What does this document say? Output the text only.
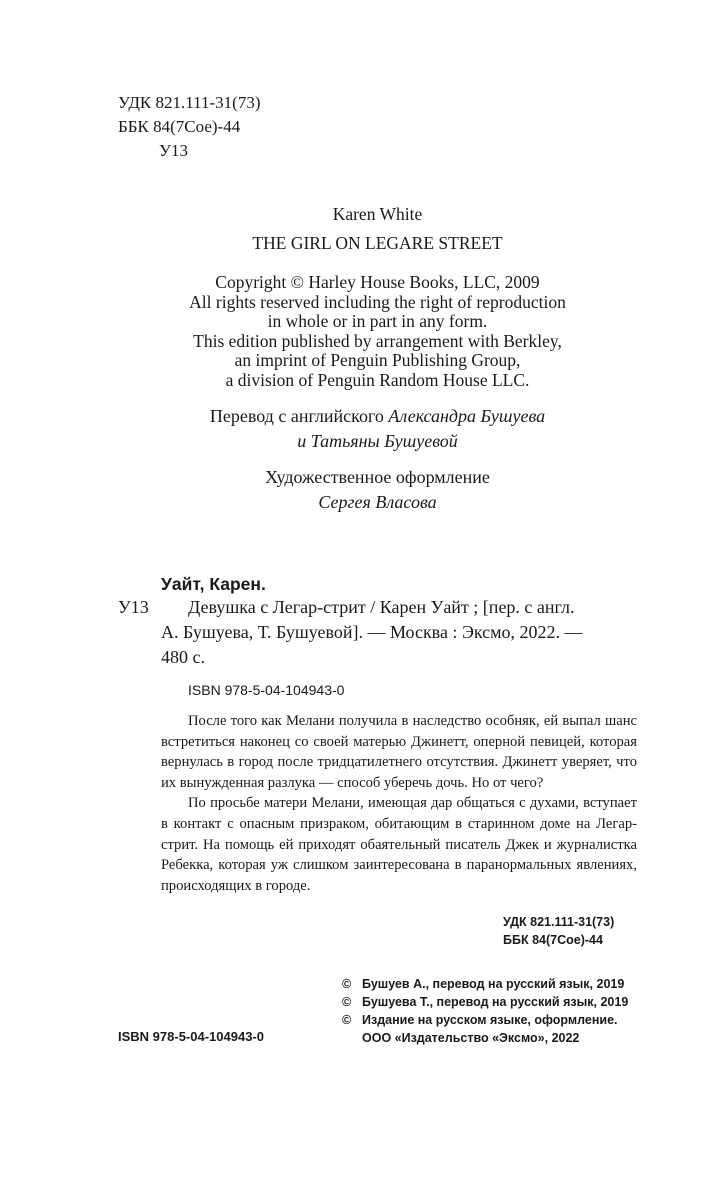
УДК 821.111-31(73)
ББК 84(7Сое)-44
У13
Karen White
THE GIRL ON LEGARE STREET
Copyright © Harley House Books, LLC, 2009
All rights reserved including the right of reproduction
in whole or in part in any form.
This edition published by arrangement with Berkley,
an imprint of Penguin Publishing Group,
a division of Penguin Random House LLC.
Перевод с английского Александра Бушуева
и Татьяны Бушуевой
Художественное оформление
Сергея Власова
Уайт, Карен.
У13	Девушка с Легар-стрит / Карен Уайт ; [пер. с англ.
А. Бушуева, Т. Бушуевой]. — Москва : Эксмо, 2022. —
480 с.
ISBN 978-5-04-104943-0

После того как Мелани получила в наследство особняк, ей выпал шанс встретиться наконец со своей матерью Джинетт, оперной певицей, которая вернулась в город после тридцатилетнего отсутствия. Джинетт уверяет, что их вынужденная разлука — способ уберечь дочь. Но от чего?

По просьбе матери Мелани, имеющая дар общаться с духами, вступает в контакт с опасным призраком, обитающим в старинном доме на Легар-стрит. На помощь ей приходят обаятельный писатель Джек и журналистка Ребекка, которая уж слишком заинтересована в паранормальных явлениях, происходящих в городе.

УДК 821.111-31(73)
ББК 84(7Сое)-44
© Бушуев А., перевод на русский язык, 2019
© Бушуева Т., перевод на русский язык, 2019
© Издание на русском языке, оформление.
ООО «Издательство «Эксмо», 2022
ISBN 978-5-04-104943-0
